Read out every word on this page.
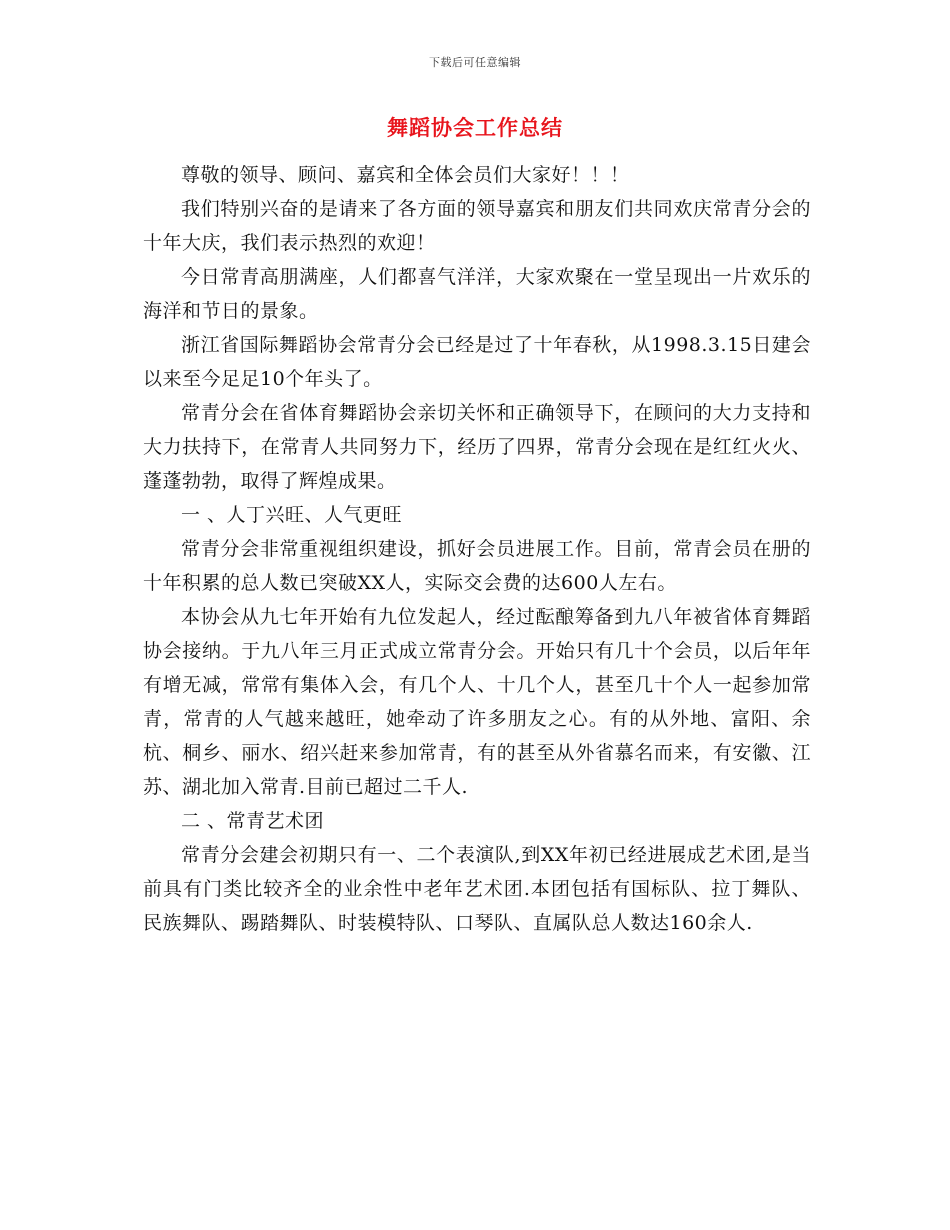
下载后可任意编辑
舞蹈协会工作总结

尊敬的领导、顾问、嘉宾和全体会员们大家好！！！

我们特别兴奋的是请来了各方面的领导嘉宾和朋友们共同欢庆常青分会的十年大庆，我们表示热烈的欢迎！

今日常青高朋满座，人们都喜气洋洋，大家欢聚在一堂呈现出一片欢乐的海洋和节日的景象。

浙江省国际舞蹈协会常青分会已经是过了十年春秋，从1998.3.15日建会以来至今足足10个年头了。

常青分会在省体育舞蹈协会亲切关怀和正确领导下，在顾问的大力支持和大力扶持下，在常青人共同努力下，经历了四界，常青分会现在是红红火火、蓬蓬勃勃，取得了辉煌成果。

一 、人丁兴旺、人气更旺

常青分会非常重视组织建设，抓好会员进展工作。目前，常青会员在册的十年积累的总人数已突破XX人，实际交会费的达600人左右。

本协会从九七年开始有九位发起人，经过酝酿筹备到九八年被省体育舞蹈协会接纳。于九八年三月正式成立常青分会。开始只有几十个会员，以后年年有增无减，常常有集体入会，有几个人、十几个人，甚至几十个人一起参加常青，常青的人气越来越旺，她牵动了许多朋友之心。有的从外地、富阳、余杭、桐乡、丽水、绍兴赶来参加常青，有的甚至从外省慕名而来，有安徽、江苏、湖北加入常青.目前已超过二千人.

二 、常青艺术团

常青分会建会初期只有一、二个表演队,到XX年初已经进展成艺术团,是当前具有门类比较齐全的业余性中老年艺术团.本团包括有国标队、拉丁舞队、民族舞队、踢踏舞队、时装模特队、口琴队、直属队总人数达160余人.
